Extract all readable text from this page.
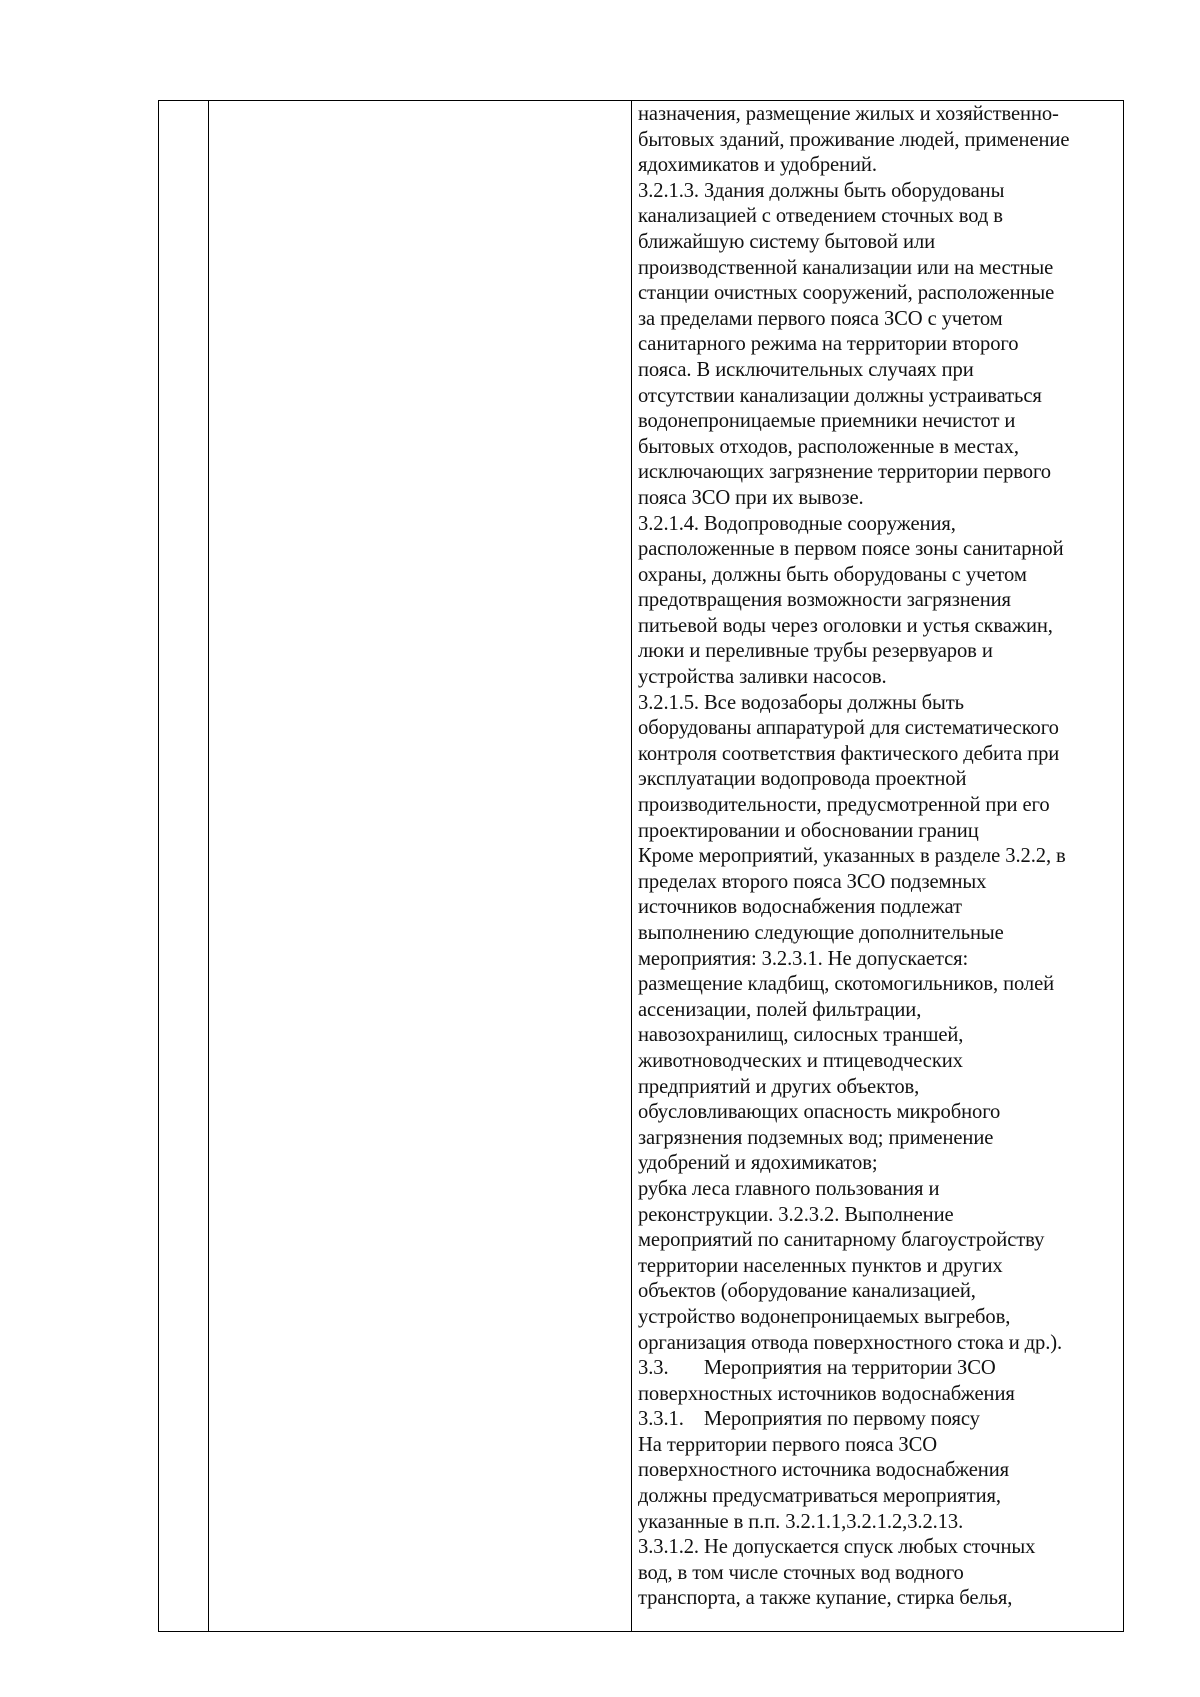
назначения, размещение жилых и хозяйственно-
бытовых зданий, проживание людей, применение
ядохимикатов и удобрений.
3.2.1.3. Здания должны быть оборудованы
канализацией с отведением сточных вод в
ближайшую систему бытовой или
производственной канализации или на местные
станции очистных сооружений, расположенные
за пределами первого пояса ЗСО с учетом
санитарного режима на территории второго
пояса. В исключительных случаях при
отсутствии канализации должны устраиваться
водонепроницаемые приемники нечистот и
бытовых отходов, расположенные в местах,
исключающих загрязнение территории первого
пояса ЗСО при их вывозе.
3.2.1.4. Водопроводные сооружения,
расположенные в первом поясе зоны санитарной
охраны, должны быть оборудованы с учетом
предотвращения возможности загрязнения
питьевой воды через оголовки и устья скважин,
люки и переливные трубы резервуаров и
устройства заливки насосов.
3.2.1.5. Все водозаборы должны быть
оборудованы аппаратурой для систематического
контроля соответствия фактического дебита при
эксплуатации водопровода проектной
производительности, предусмотренной при его
проектировании и обосновании границ
Кроме мероприятий, указанных в разделе 3.2.2, в
пределах второго пояса ЗСО подземных
источников водоснабжения подлежат
выполнению следующие дополнительные
мероприятия: 3.2.3.1. Не допускается:
размещение кладбищ, скотомогильников, полей
ассенизации, полей фильтрации,
навозохранилищ, силосных траншей,
животноводческих и птицеводческих
предприятий и других объектов,
обусловливающих опасность микробного
загрязнения подземных вод; применение
удобрений и ядохимикатов;
рубка леса главного пользования и
реконструкции. 3.2.3.2. Выполнение
мероприятий по санитарному благоустройству
территории населенных пунктов и других
объектов (оборудование канализацией,
устройство водонепроницаемых выгребов,
организация отвода поверхностного стока и др.).
3.3.       Мероприятия на территории ЗСО
поверхностных источников водоснабжения
3.3.1.    Мероприятия по первому поясу
На территории первого пояса ЗСО
поверхностного источника водоснабжения
должны предусматриваться мероприятия,
указанные в п.п. 3.2.1.1,3.2.1.2,3.2.13.
3.3.1.2. Не допускается спуск любых сточных
вод, в том числе сточных вод водного
транспорта, а также купание, стирка белья,
